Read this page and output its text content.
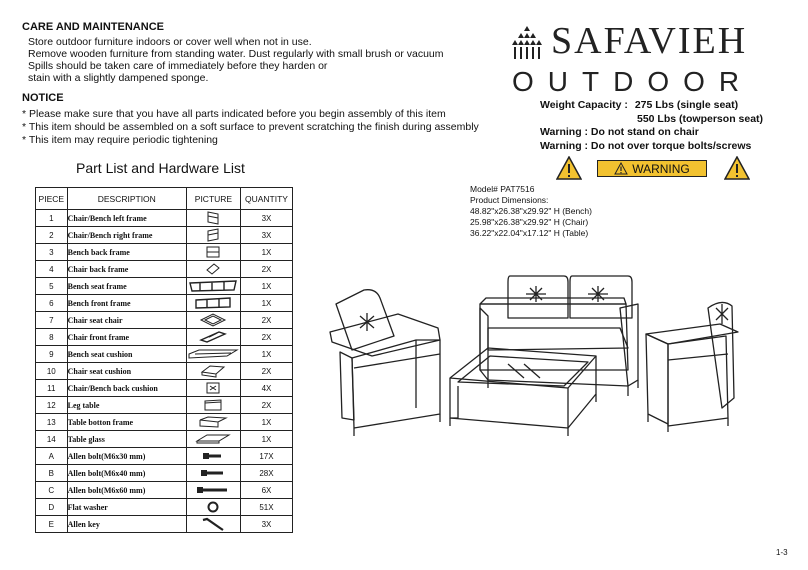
CARE AND MAINTENANCE
Store outdoor furniture indoors or cover well when not in use.
Remove wooden furniture from standing water. Dust regularly with small brush or vacuum
Spills should be taken care of immediately before they harden or
stain with a slightly dampened sponge.
NOTICE
* Please make sure that you have all parts indicated before you begin assembly of this item
* This item should be assembled on a soft surface to prevent scratching the finish during assembly
* This item may require periodic tightening
Part List and Hardware List
PIECE	DESCRIPTION	PICTURE	QUANTITY
1	Chair/Bench left frame		3X
2	Chair/Bench right frame		3X
3	Bench back frame		1X
4	Chair back frame		2X
5	Bench seat frame		1X
6	Bench front frame		1X
7	Chair seat chair		2X
8	Chair front frame		2X
9	Bench seat cushion		1X
10	Chair seat cushion		2X
11	Chair/Bench back cushion		4X
12	Leg table		2X
13	Table botton frame		1X
14	Table glass		1X
A	Allen bolt(M6x30 mm)		17X
B	Allen bolt(M6x40 mm)		28X
C	Allen bolt(M6x60 mm)		6X
D	Flat washer		51X
E	Allen key		3X
SAFAVIEH
OUTDOOR
Weight Capacity : 275 Lbs (single seat)
550 Lbs (towperson seat)
Warning : Do not stand on chair
Warning : Do not over torque bolts/screws
WARNING
Model# PAT7516
Product Dimensions:
48.82"x26.38"x29.92" H (Bench)
25.98"x26.38"x29.92" H (Chair)
36.22"x22.04"x17.12" H (Table)
1-3
